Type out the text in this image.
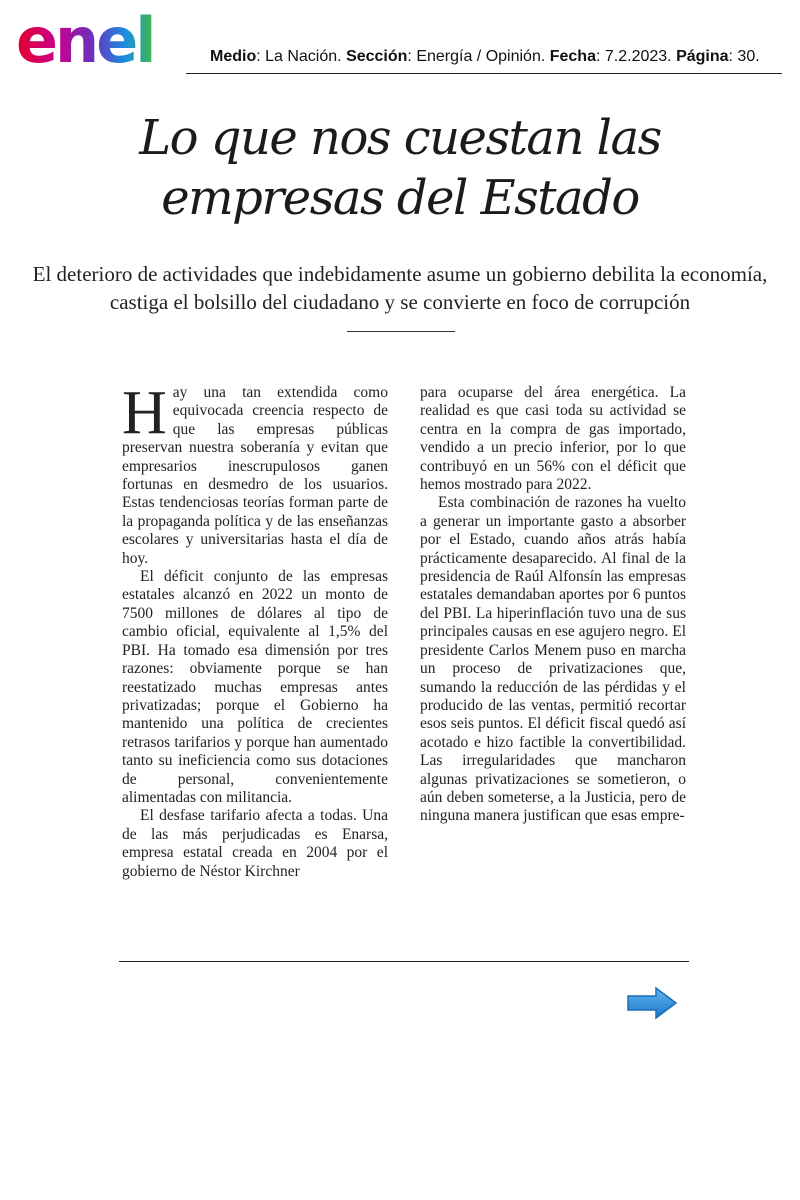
enel	Medio: La Nación. Sección: Energía / Opinión. Fecha: 7.2.2023. Página: 30.
Lo que nos cuestan las empresas del Estado

El deterioro de actividades que indebidamente asume un gobierno debilita la economía, castiga el bolsillo del ciudadano y se convierte en foco de corrupción

Hay una tan extendida como equivocada creencia respecto de que las empresas públicas preservan nuestra soberanía y evitan que empresarios inescrupulosos ganen fortunas en desmedro de los usuarios. Estas tendenciosas teorías forman parte de la propaganda política y de las enseñanzas escolares y universitarias hasta el día de hoy.

El déficit conjunto de las empresas estatales alcanzó en 2022 un monto de 7500 millones de dólares al tipo de cambio oficial, equivalente al 1,5% del PBI. Ha tomado esa dimensión por tres razones: obviamente porque se han reestatizado muchas empresas antes privatizadas; porque el Gobierno ha mantenido una política de crecientes retrasos tarifarios y porque han aumentado tanto su ineficiencia como sus dotaciones de personal, convenientemente alimentadas con militancia.

El desfase tarifario afecta a todas. Una de las más perjudicadas es Enarsa, empresa estatal creada en 2004 por el gobierno de Néstor Kirchner

para ocuparse del área energética. La realidad es que casi toda su actividad se centra en la compra de gas importado, vendido a un precio inferior, por lo que contribuyó en un 56% con el déficit que hemos mostrado para 2022.

Esta combinación de razones ha vuelto a generar un importante gasto a absorber por el Estado, cuando años atrás había prácticamente desaparecido. Al final de la presidencia de Raúl Alfonsín las empresas estatales demandaban aportes por 6 puntos del PBI. La hiperinflación tuvo una de sus principales causas en ese agujero negro. El presidente Carlos Menem puso en marcha un proceso de privatizaciones que, sumando la reducción de las pérdidas y el producido de las ventas, permitió recortar esos seis puntos. El déficit fiscal quedó así acotado e hizo factible la convertibilidad. Las irregularidades que mancharon algunas privatizaciones se sometieron, o aún deben someterse, a la Justicia, pero de ninguna manera justifican que esas empre-
